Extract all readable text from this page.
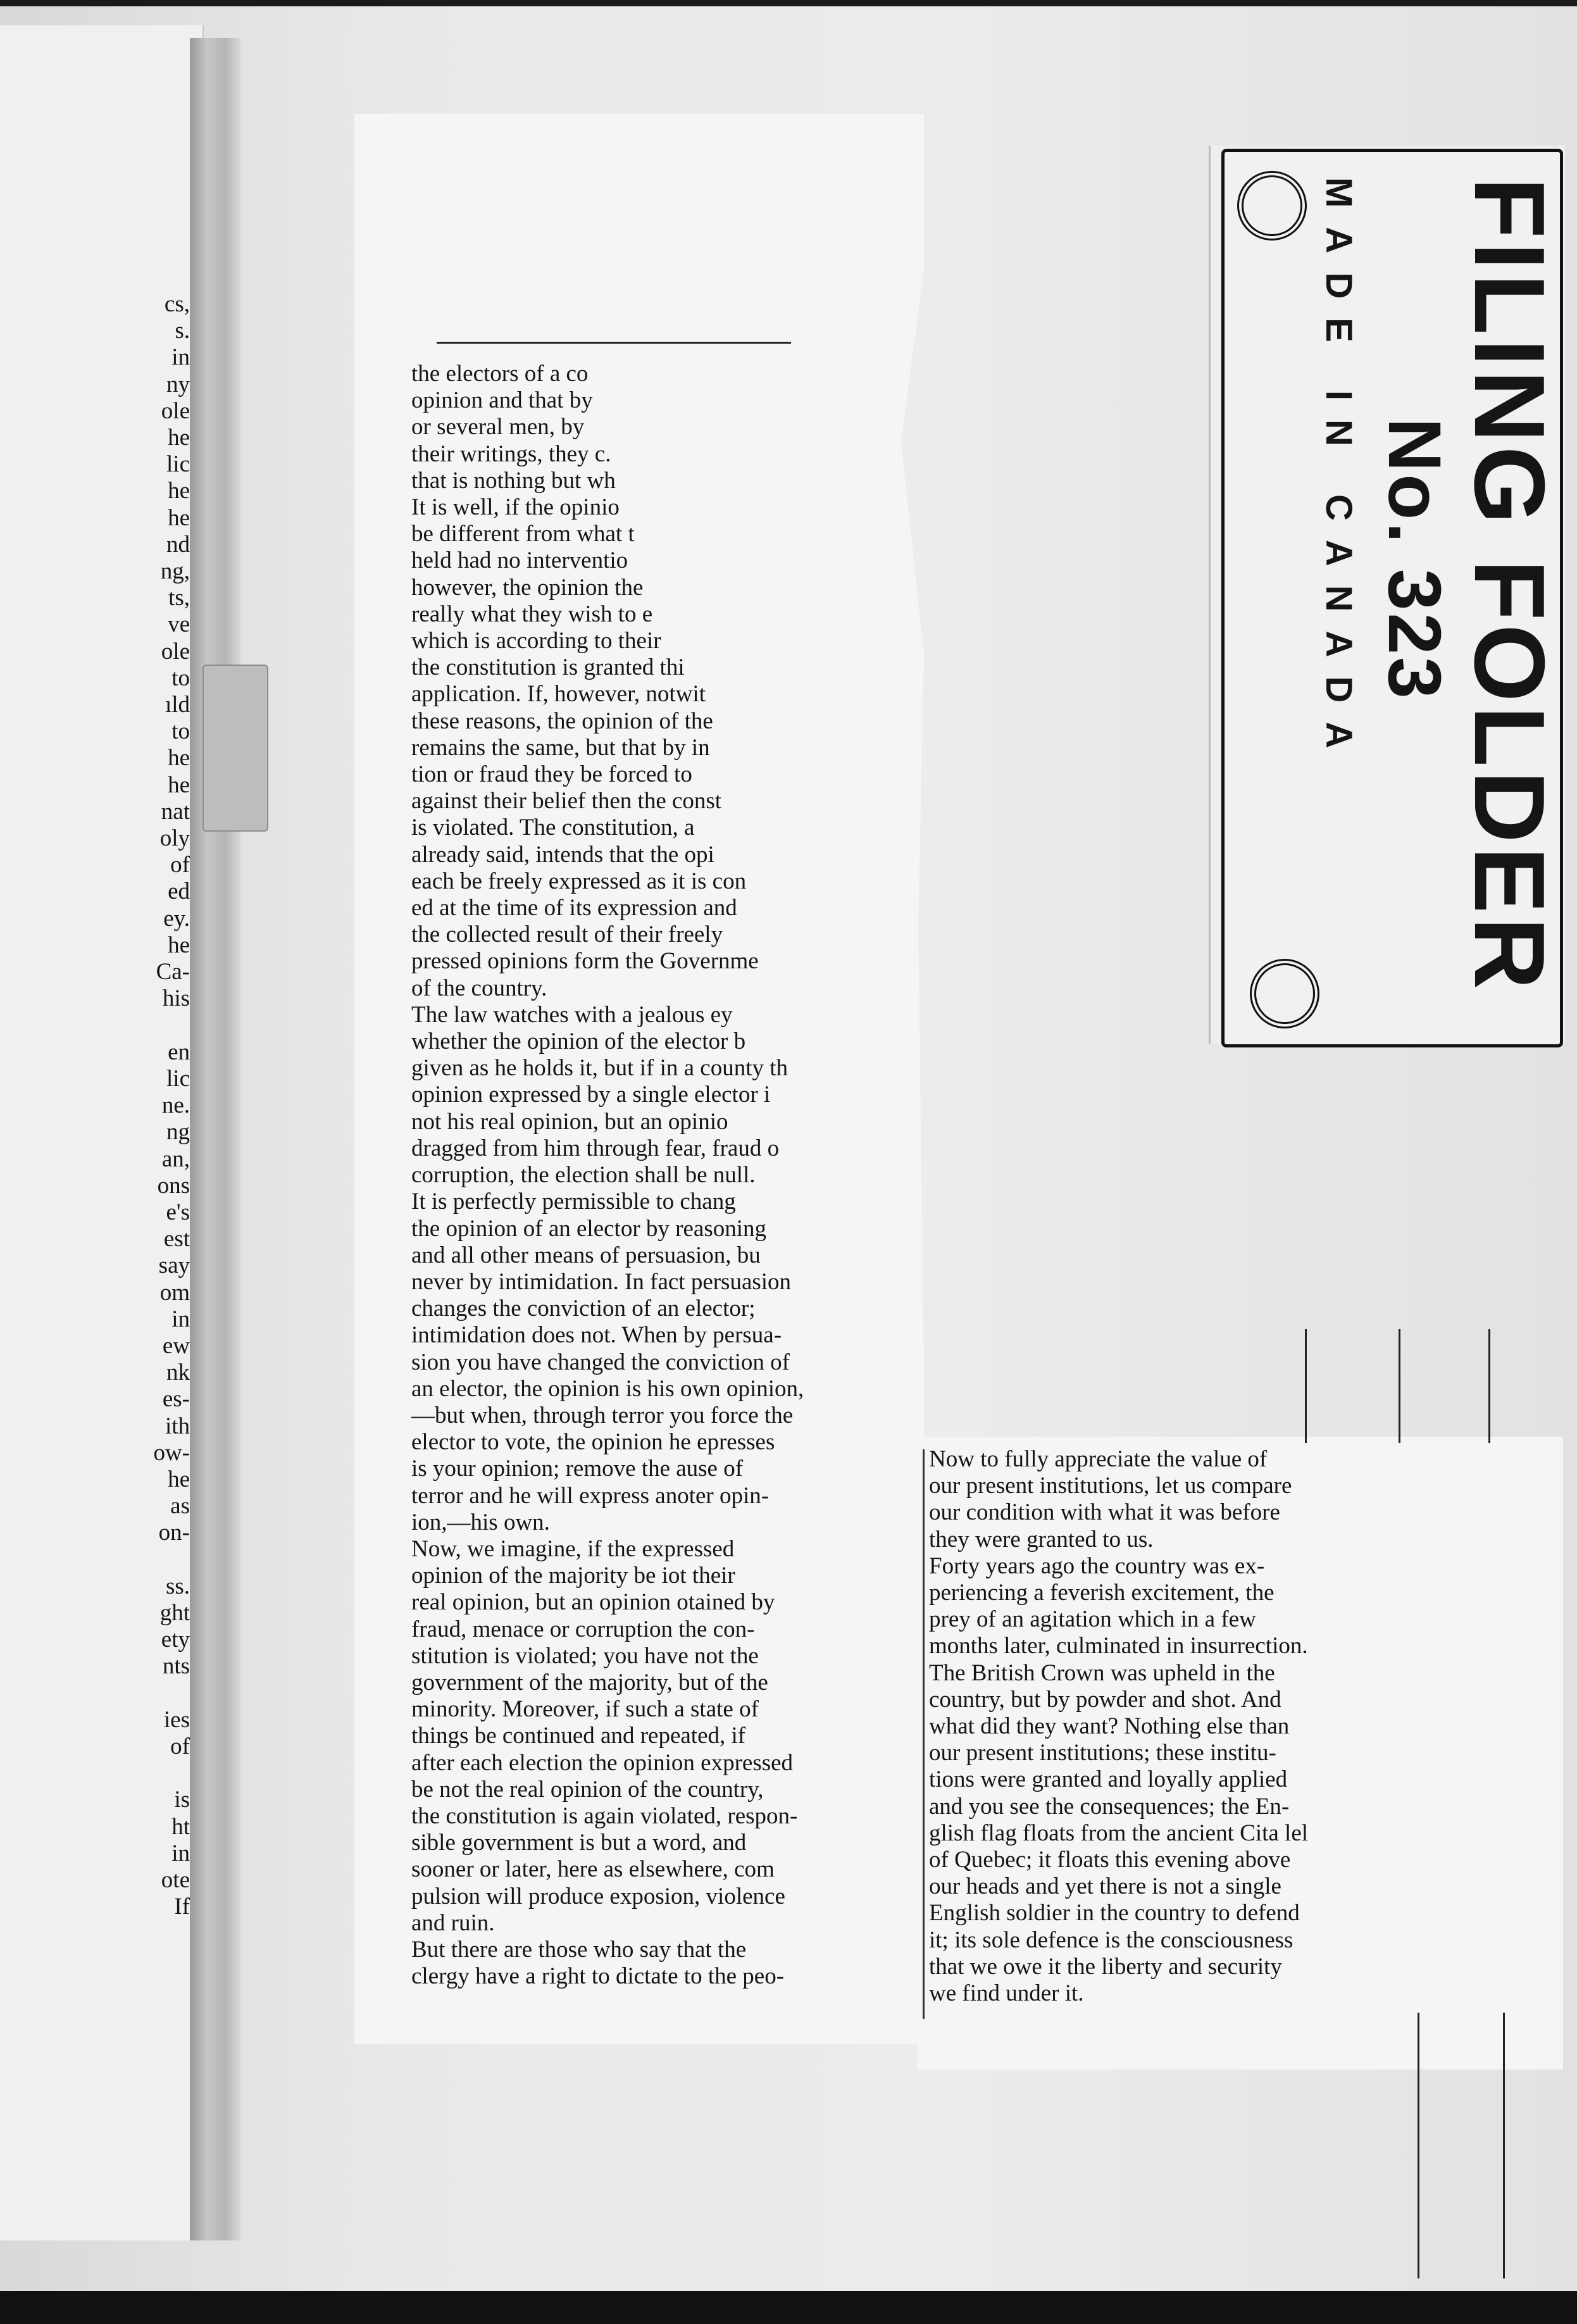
cs,
s.
in
ny
ole
he
lic
he
he
nd
ng,
ts,
ve
ole
to
ıld
to
he
he
nat
oly
of
ed
ey.
he
Ca-
his

en
lic
ne.
ng
an,
ons
e's
est
say
om
in
ew
nk
es-
ith
ow-
he
as
on-

ss.
ght
ety
nts

ies
of

is
ht
in
ote
If
FILING FOLDER
No. 323
MADE IN CANADA
the electors of a co
opinion and that by
or several men, by
their writings, they c.
that is nothing but wh
It is well, if the opinio
be different from what t
held had no interventio
however, the opinion the
really what they wish to e
which is according to their
the constitution is granted thi
application. If, however, notwit
these reasons, the opinion of the
remains the same, but that by in
tion or fraud they be forced to
against their belief then the const
is violated. The constitution, a
already said, intends that the opi
each be freely expressed as it is con
ed at the time of its expression and
the collected result of their freely
pressed opinions form the Governme
of the country.
The law watches with a jealous ey
whether the opinion of the elector b
given as he holds it, but if in a county th
opinion expressed by a single elector i
not his real opinion, but an opinio
dragged from him through fear, fraud o
corruption, the election shall be null.
It is perfectly permissible to chang
the opinion of an elector by reasoning
and all other means of persuasion, bu
never by intimidation. In fact persuasion
changes the conviction of an elector;
intimidation does not. When by persua-
sion you have changed the conviction of
an elector, the opinion is his own opinion,
—but when, through terror you force the
elector to vote, the opinion he epresses
is your opinion; remove the ause of
terror and he will express anoter opin-
ion,—his own.
Now, we imagine, if the expressed
opinion of the majority be iot their
real opinion, but an opinion otained by
fraud, menace or corruption the con-
stitution is violated; you have not the
government of the majority, but of the
minority. Moreover, if such a state of
things be continued and repeated, if
after each election the opinion expressed
be not the real opinion of the country,
the constitution is again violated, respon-
sible government is but a word, and
sooner or later, here as elsewhere, com
pulsion will produce exposion, violence
and ruin.
But there are those who say that the
clergy have a right to dictate to the peo-
Now to fully appreciate the value of
our present institutions, let us compare
our condition with what it was before
they were granted to us.
Forty years ago the country was ex-
periencing a feverish excitement, the
prey of an agitation which in a few
months later, culminated in insurrection.
The British Crown was upheld in the
country, but by powder and shot. And
what did they want? Nothing else than
our present institutions; these institu-
tions were granted and loyally applied
and you see the consequences; the En-
glish flag floats from the ancient Cita lel
of Quebec; it floats this evening above
our heads and yet there is not a single
English soldier in the country to defend
it; its sole defence is the consciousness
that we owe it the liberty and security
we find under it.
